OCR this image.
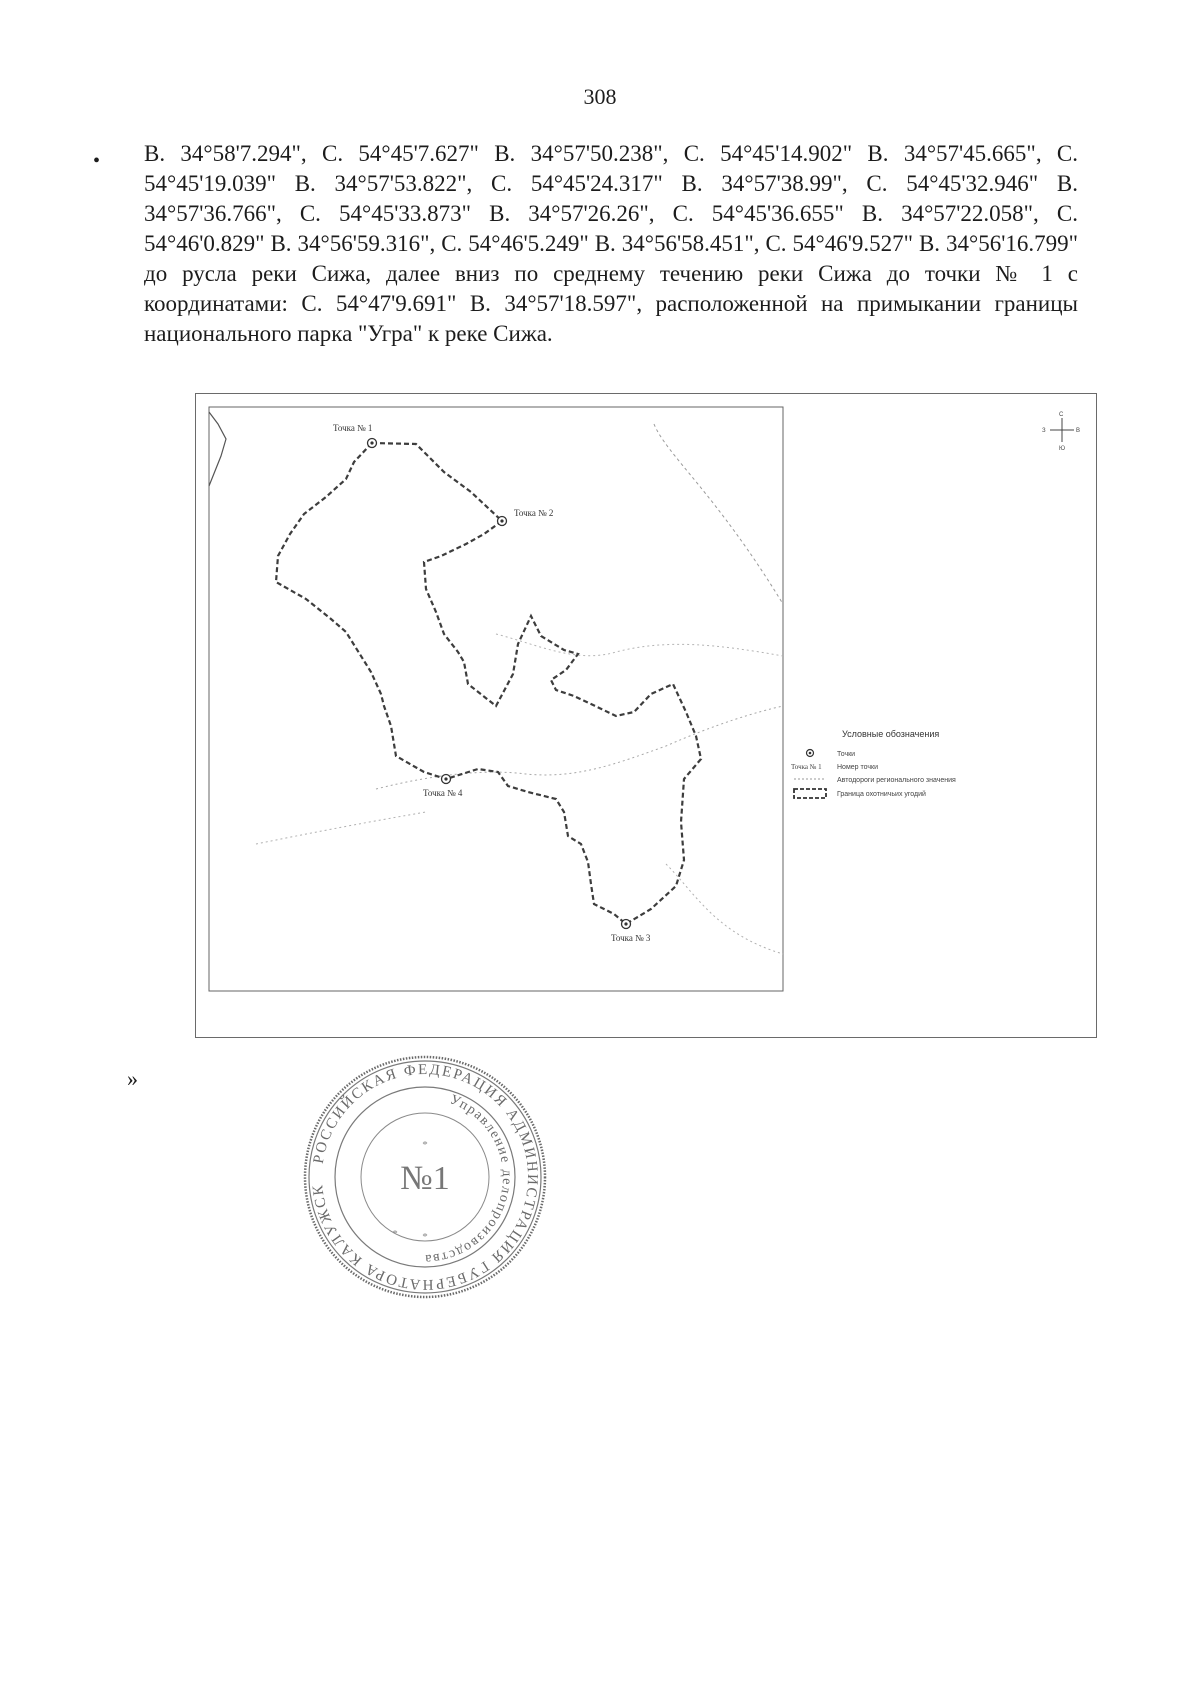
308
• В. 34°58'7.294", С. 54°45'7.627" В. 34°57'50.238", С. 54°45'14.902" В. 34°57'45.665", С. 54°45'19.039" В. 34°57'53.822", С. 54°45'24.317" В. 34°57'38.99", С. 54°45'32.946" В. 34°57'36.766", С. 54°45'33.873" В. 34°57'26.26", С. 54°45'36.655" В. 34°57'22.058", С. 54°46'0.829" В. 34°56'59.316", С. 54°46'5.249" В. 34°56'58.451", С. 54°46'9.527" В. 34°56'16.799" до русла реки Сижа, далее вниз по среднему течению реки Сижа до точки № 1 с координатами: С. 54°47'9.691" В. 34°57'18.597", расположенной на примыкании границы национального парка "Угра" к реке Сижа.

Точка № 1
Точка № 2
Точка № 3
Точка № 4
С
З	В
Ю
Условные обозначения
Точки
Точка № 1 Номер точки
Автодороги регионального значения
Граница охотничьих угодий
»
РОССИЙСКАЯ ФЕДЕРАЦИЯ АДМИНИСТРАЦИЯ ГУБЕРНАТОРА КАЛУЖСК
Управление делопроизводства
№1
*
*
*
